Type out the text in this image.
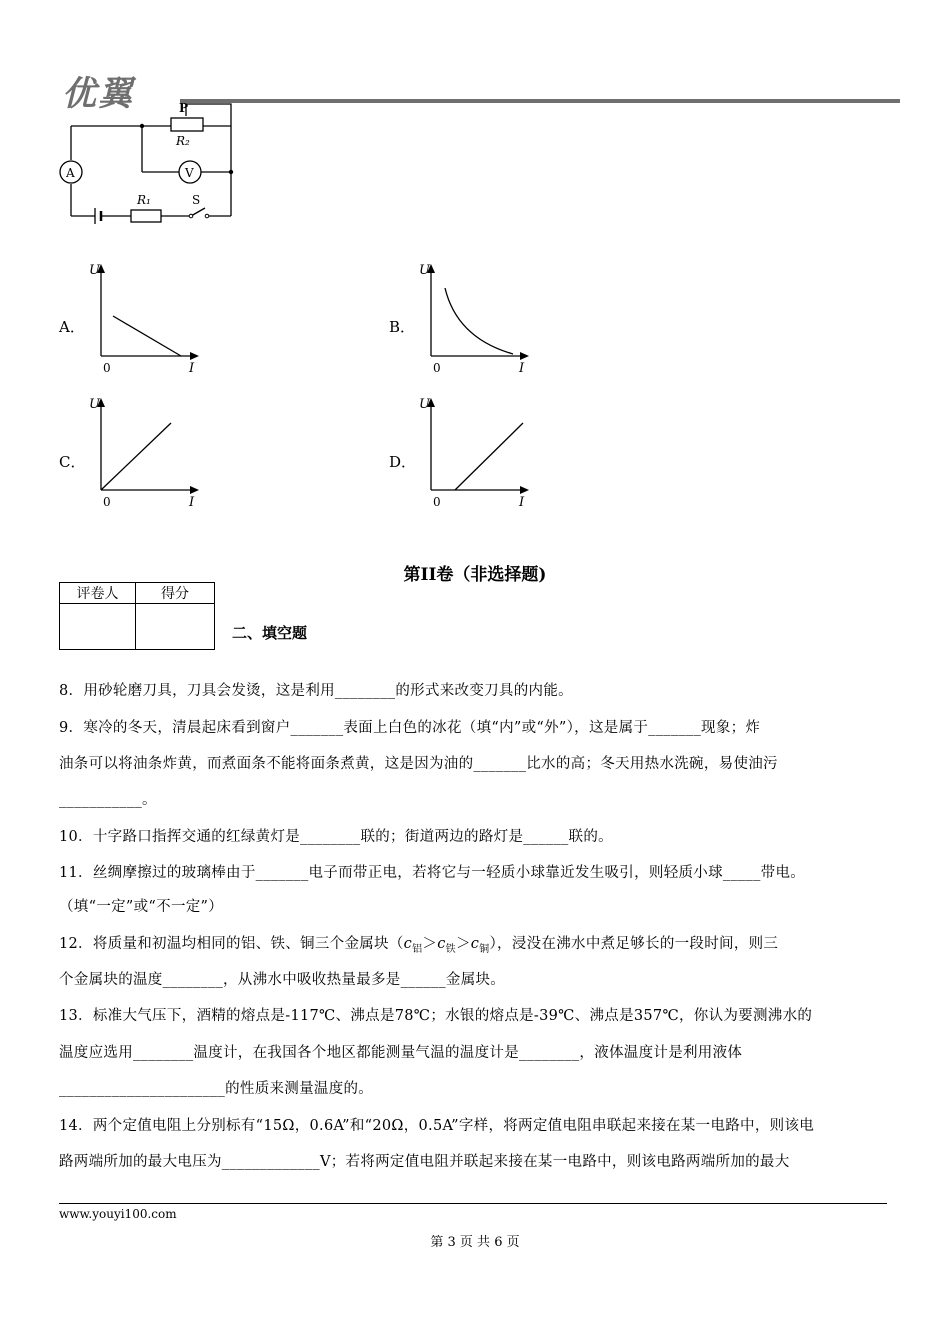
优翼	P
R₂
A	V
R₁	S
A．
U
I
0
B．
U
I
0
C．
U
I
0
D．
U
I
0
第II卷（非选择题)
评卷人	得分

二、填空题
8．用砂轮磨刀具，刀具会发烫，这是利用________的形式来改变刀具的内能。
9．寒冷的冬天，清晨起床看到窗户_______表面上白色的冰花（填“内”或“外”），这是属于_______现象；炸
油条可以将油条炸黄，而煮面条不能将面条煮黄，这是因为油的_______比水的高；冬天用热水洗碗，易使油污
___________。
10．十字路口指挥交通的红绿黄灯是________联的；街道两边的路灯是______联的。
11．丝绸摩擦过的玻璃棒由于_______电子而带正电，若将它与一轻质小球靠近发生吸引，则轻质小球_____带电。
（填“一定”或“不一定”）
12．将质量和初温均相同的铝、铁、铜三个金属块$(c_铝>c_铁>c_铜)$，浸没在沸水中煮足够长的一段时间，则三
个金属块的温度________，从沸水中吸收热量最多是______金属块。
13．标准大气压下，酒精的熔点是-117℃、沸点是78℃；水银的熔点是-39℃、沸点是357℃，你认为要测沸水的
温度应选用________温度计，在我国各个地区都能测量气温的温度计是________，液体温度计是利用液体
______________________的性质来测量温度的。
14．两个定值电阻上分别标有“15Ω，0.6A”和“20Ω，0.5A”字样，将两定值电阻串联起来接在某一电路中，则该电
路两端所加的最大电压为_____________V；若将两定值电阻并联起来接在某一电路中，则该电路两端所加的最大
www.youyi100.com
第 3 页 共 6 页
